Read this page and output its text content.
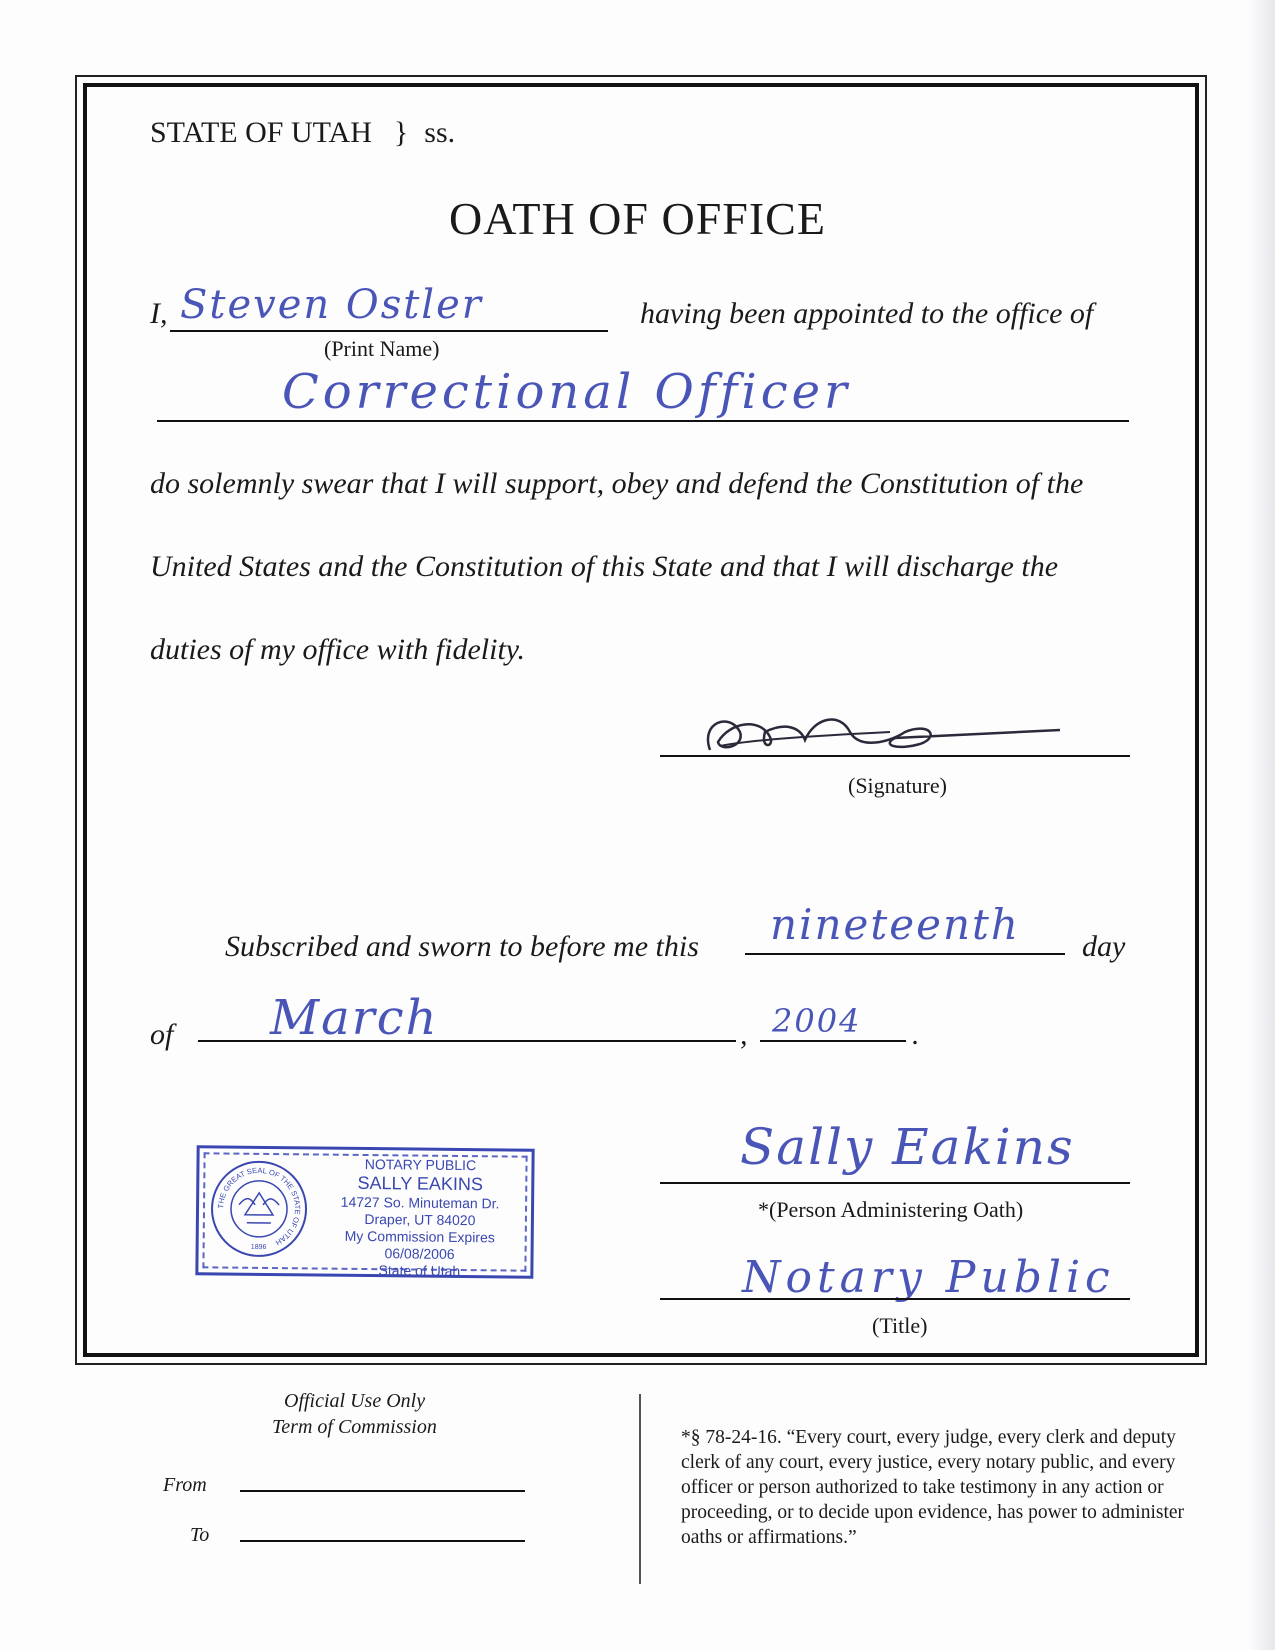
STATE OF UTAH } ss.
OATH OF OFFICE
I, Steven Ostler	having been appointed to the office of
(Print Name)
Correctional Officer
do solemnly swear that I will support, obey and defend the Constitution of the
United States and the Constitution of this State and that I will discharge the
duties of my office with fidelity.
(Signature)
Subscribed and sworn to before me this nineteenth day
of March	, 2004 .
THE GREAT SEAL OF THE STATE OF UTAH
1896
NOTARY PUBLIC
SALLY EAKINS
14727 So. Minuteman Dr.
Draper, UT 84020
My Commission Expires 06/08/2006
State of Utah
Sally Eakins
*(Person Administering Oath)
Notary Public
(Title)
Official Use Only
Term of Commission
From
To
*§ 78-24-16. “Every court, every judge, every clerk and deputy clerk of any court, every justice, every notary public, and every officer or person authorized to take testimony in any action or proceeding, or to decide upon evidence, has power to administer oaths or affirmations.”
